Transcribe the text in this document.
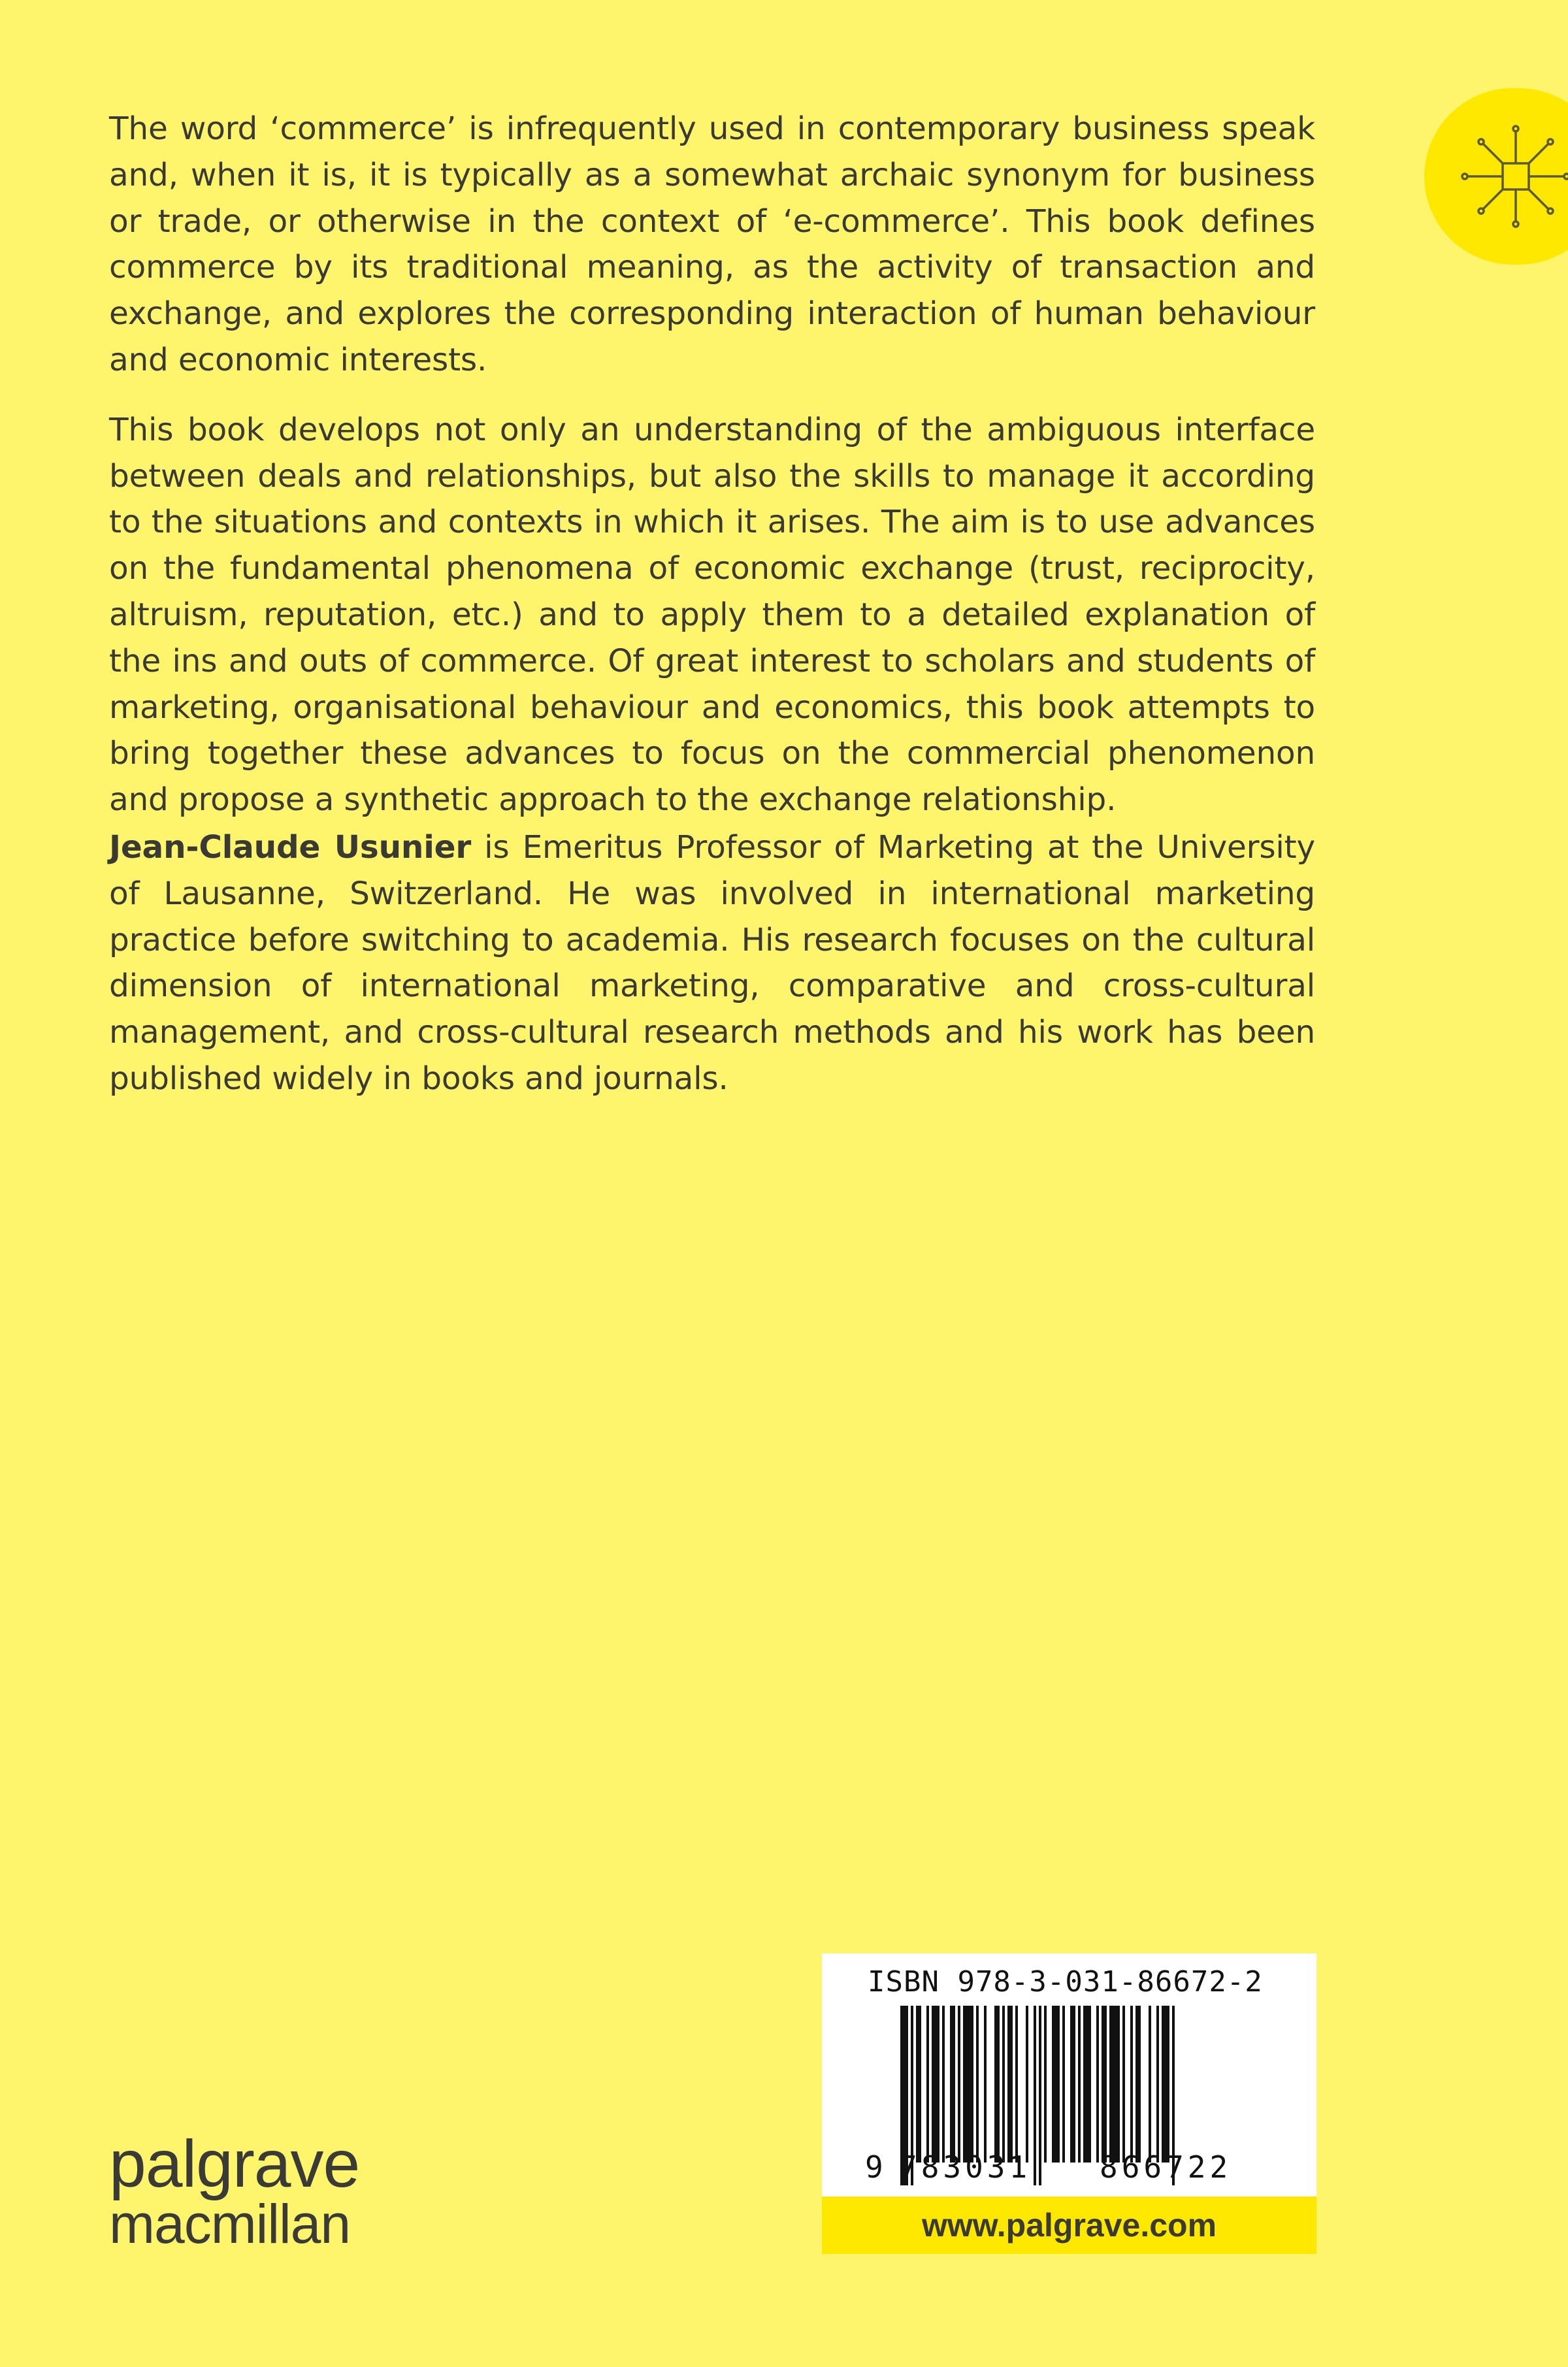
The word ‘commerce’ is infrequently used in contemporary business speak and, when it is, it is typically as a somewhat archaic synonym for business or trade, or otherwise in the context of ‘e-commerce’. This book defines commerce by its traditional meaning, as the activity of transaction and exchange, and explores the corresponding interaction of human behaviour and economic interests.

This book develops not only an understanding of the ambiguous interface between deals and relationships, but also the skills to manage it according to the situations and contexts in which it arises. The aim is to use advances on the fundamental phenomena of economic exchange (trust, reciprocity, altruism, reputation, etc.) and to apply them to a detailed explanation of the ins and outs of commerce. Of great interest to scholars and students of marketing, organisational behaviour and economics, this book attempts to bring together these advances to focus on the commercial phenomenon and propose a synthetic approach to the exchange relationship.

Jean-Claude Usunier is Emeritus Professor of Marketing at the University of Lausanne, Switzerland. He was involved in international marketing practice before switching to academia. His research focuses on the cultural dimension of international marketing, comparative and cross-cultural management, and cross-cultural research methods and his work has been published widely in books and journals.

palgrave
macmillan
ISBN 978-3-031-86672-2
9 783031 866722
www.palgrave.com
